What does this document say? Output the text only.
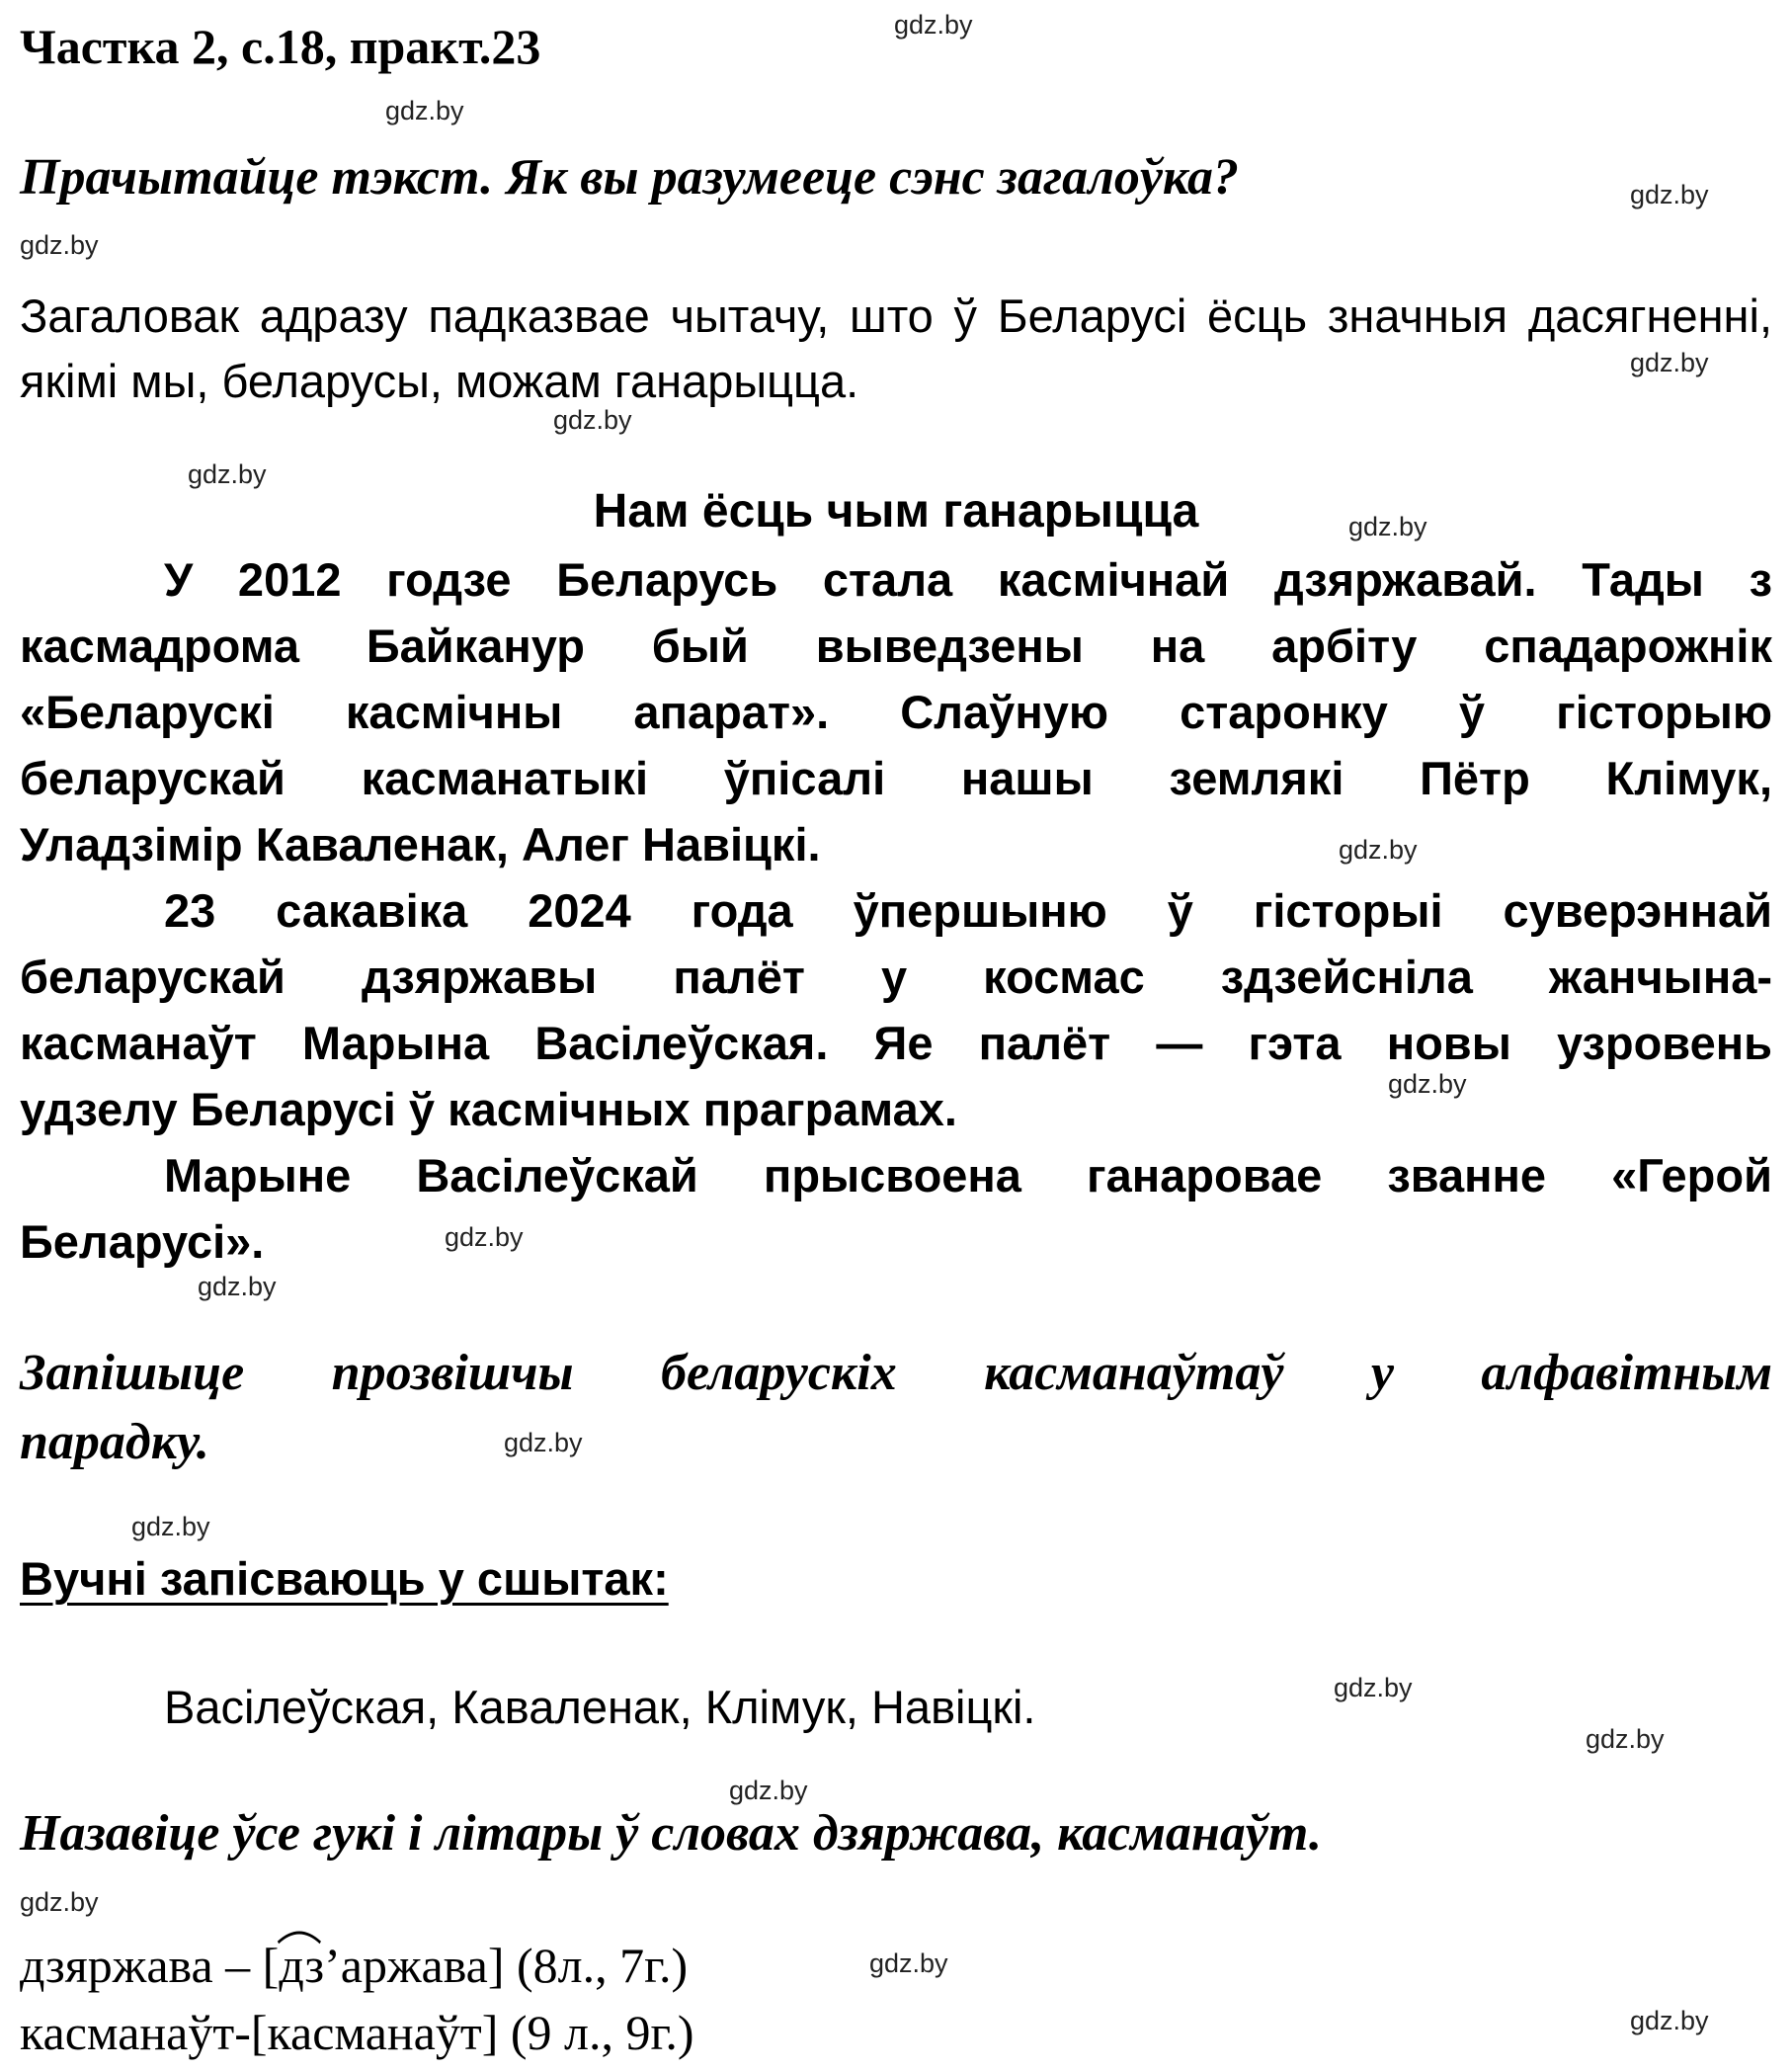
Частка 2, с.18, практ.23
Прачытайце тэкст. Як вы разумееце сэнс загалоўка?
Загаловак адразу падказвае чытачу, што ў Беларусі ёсць значныя дасягненні, якімі мы, беларусы, можам ганарыцца.
Нам ёсць чым ганарыцца
У 2012 годзе Беларусь стала касмічнай дзяржавай. Тады з
касмадрома Байканур бый выведзены на арбіту спадарожнік
«Беларускі касмічны апарат». Слаўную старонку ў гісторыю
беларускай касманатыкі ўпісалі нашы землякі Пётр Клімук,
Уладзімір Каваленак, Алег Навіцкі.
23 сакавіка 2024 года ўпершыню ў гісторыі суверэннай
беларускай дзяржавы палёт у космас здзейсніла жанчына-
касманаўт Марына Васілеўская. Яе палёт — гэта новы узровень
удзелу Беларусі ў касмічных праграмах.
Марыне Васілеўскай прысвоена ганаровае званне «Герой
Беларусі».
Запішыце прозвішчы беларускіх касманаўтаў у алфавітным
парадку.
Вучні запісваюць у сшытак:
Васілеўская, Каваленак, Клімук, Навіцкі.
Назавіце ўсе гукі і літары ў словах дзяржава, касманаўт.
дзяржава – [
дз’аржава] (8л., 7г.)
касманаўт-[касманаўт] (9 л., 9г.)
gdz.by
gdz.by
gdz.by
gdz.by
gdz.by
gdz.by
gdz.by
gdz.by
gdz.by
gdz.by
gdz.by
gdz.by
gdz.by
gdz.by
gdz.by
gdz.by
gdz.by
gdz.by
gdz.by
gdz.by
